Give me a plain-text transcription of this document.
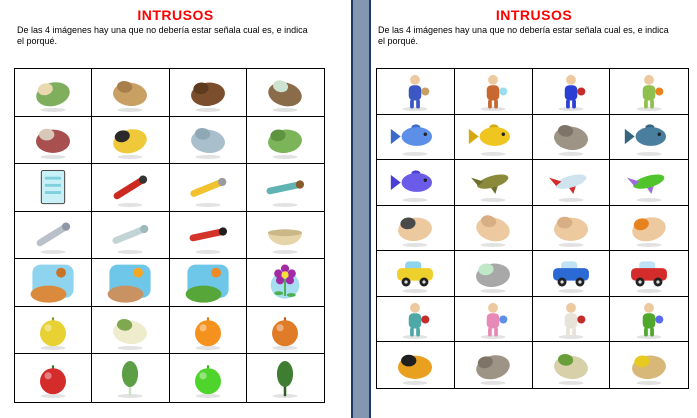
INTRUSOS
De las 4 imágenes hay una que no debería estar señala cual es, e indica
el porqué.
INTRUSOS
De las 4 imágenes hay una que no debería estar señala cual es, e indica
el porqué.
